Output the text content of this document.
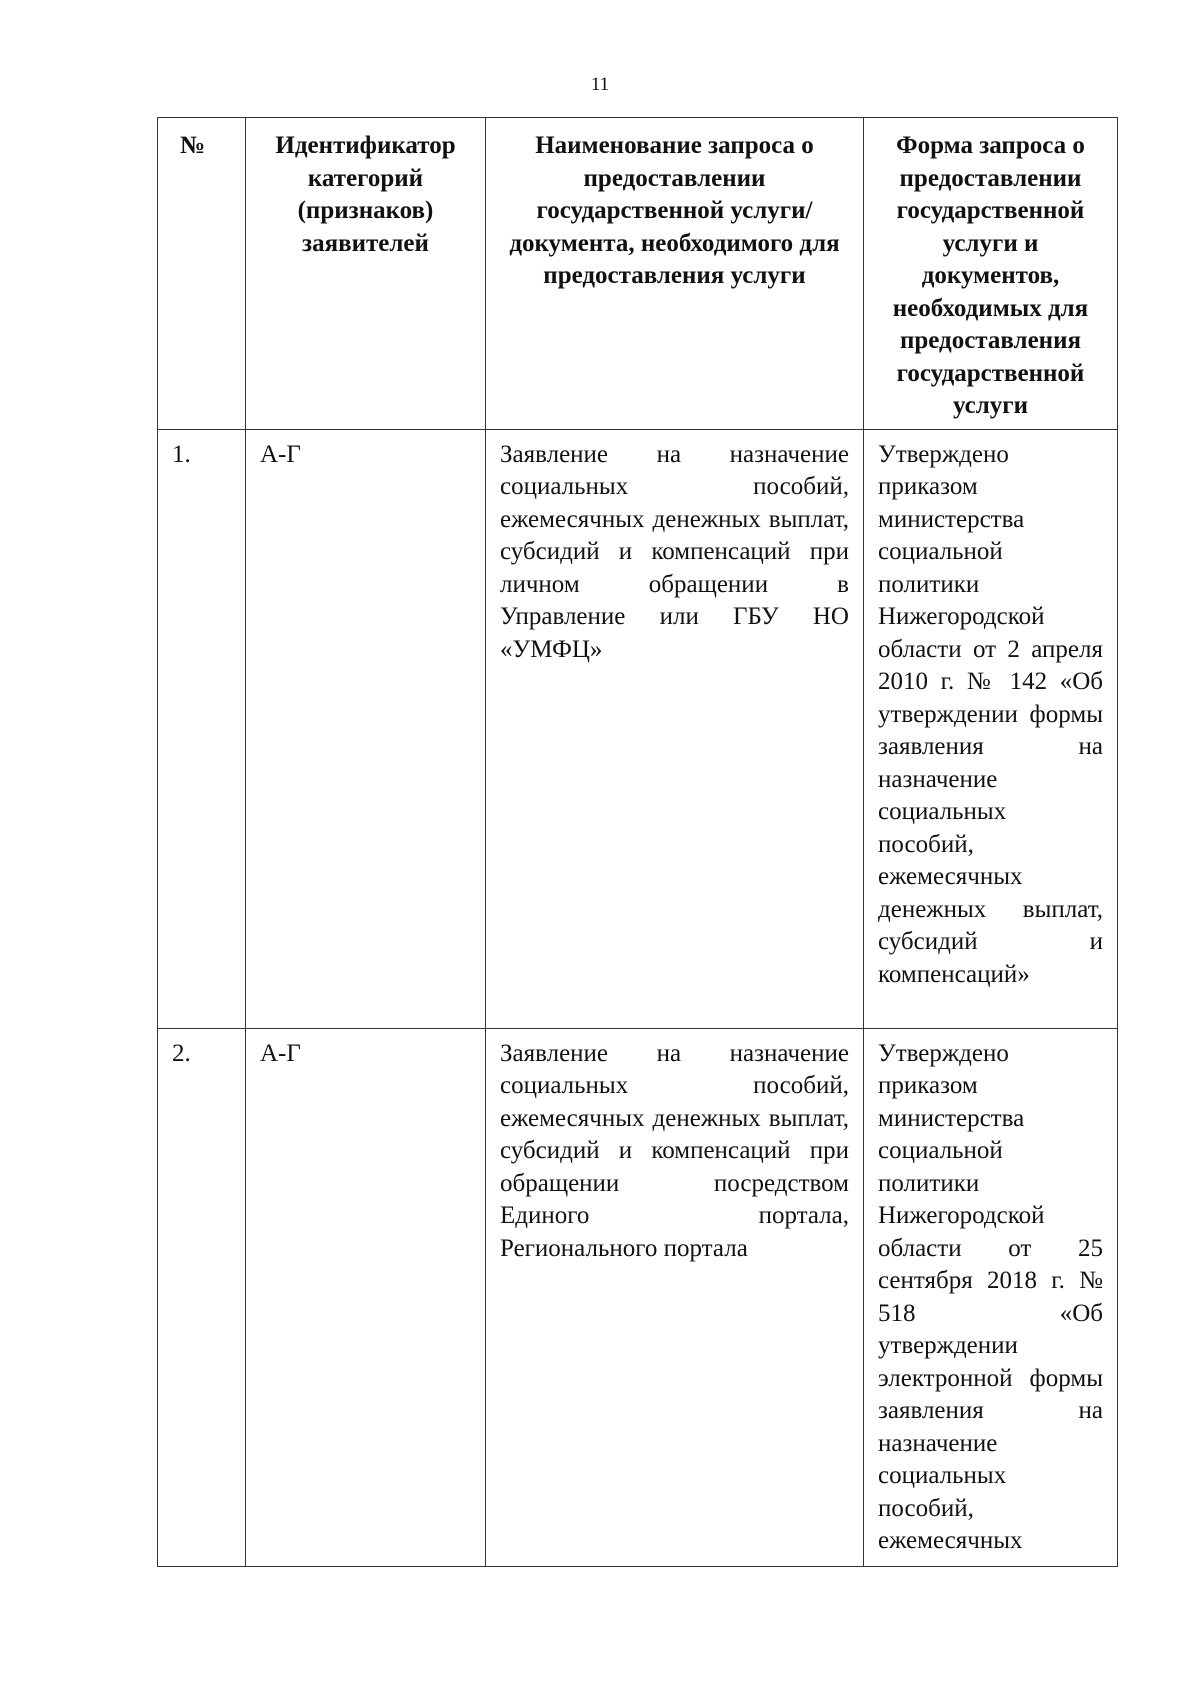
11
№	Идентификатор категорий (признаков) заявителей	Наименование запроса о предоставлении государственной услуги/документа, необходимого для предоставления услуги	Форма запроса о предоставлении государственной услуги и документов, необходимых для предоставления государственной услуги
1.	А-Г	Заявление на назначение социальных пособий, ежемесячных денежных выплат, субсидий и компенсаций при личном обращении в Управление или ГБУ НО «УМФЦ»	Утверждено приказом министерства социальной политики Нижегородской области от 2 апреля 2010 г. № 142 «Об утверждении формы заявления на назначение социальных пособий, ежемесячных денежных выплат, субсидий и компенсаций»
2.	А-Г	Заявление на назначение социальных пособий, ежемесячных денежных выплат, субсидий и компенсаций при обращении посредством Единого портала, Регионального портала	Утверждено приказом министерства социальной политики Нижегородской области от 25 сентября 2018 г. № 518 «Об утверждении электронной формы заявления на назначение социальных пособий, ежемесячных
